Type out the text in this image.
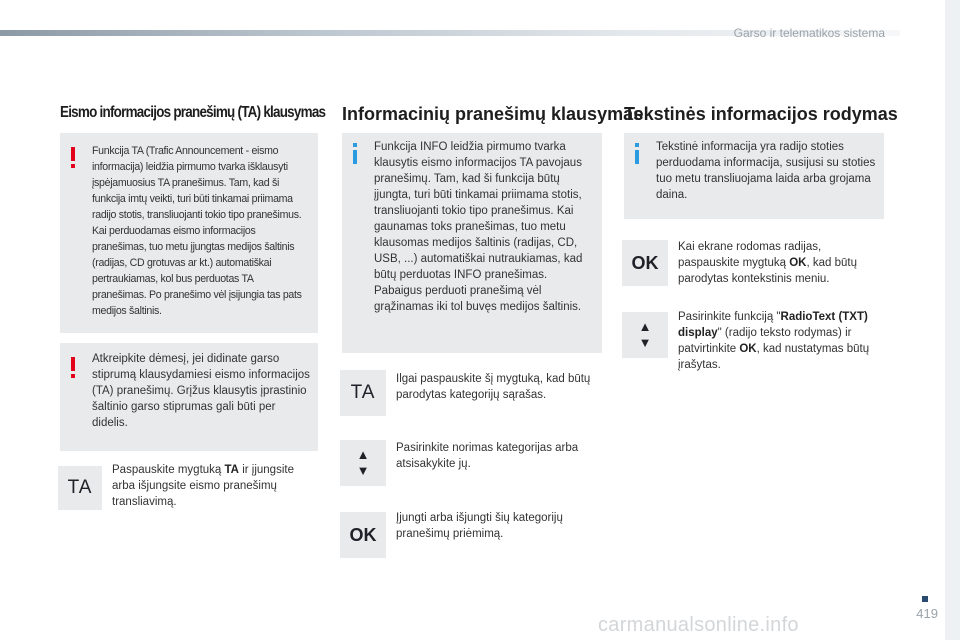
Garso ir telematikos sistema
Eismo informacijos pranešimų (TA) klausymas Informacinių pranešimų klausymas
Tekstinės informacijos rodymas
Funkcija TA (Trafic Announcement - eismo informacija) leidžia pirmumo tvarka išklausyti įspėjamuosius TA pranešimus. Tam, kad ši funkcija imtų veikti, turi būti tinkamai priimama radijo stotis, transliuojanti tokio tipo pranešimus. Kai perduodamas eismo informacijos pranešimas, tuo metu įjungtas medijos šaltinis (radijas, CD grotuvas ar kt.) automatiškai pertraukiamas, kol bus perduotas TA pranešimas. Po pranešimo vėl įsijungia tas pats medijos šaltinis.
Atkreipkite dėmesį, jei didinate garso stiprumą klausydamiesi eismo informacijos (TA) pranešimų. Grįžus klausytis įprastinio šaltinio garso stiprumas gali būti per didelis.
TA
Paspauskite mygtuką TA ir įjungsite arba išjungsite eismo pranešimų transliavimą.
Funkcija INFO leidžia pirmumo tvarka klausytis eismo informacijos TA pavojaus pranešimų. Tam, kad ši funkcija būtų įjungta, turi būti tinkamai priimama stotis, transliuojanti tokio tipo pranešimus. Kai gaunamas toks pranešimas, tuo metu klausomas medijos šaltinis (radijas, CD, USB, ...) automatiškai nutraukiamas, kad būtų perduotas INFO pranešimas. Pabaigus perduoti pranešimą vėl grąžinamas iki tol buvęs medijos šaltinis.
TA
Ilgai paspauskite šį mygtuką, kad būtų parodytas kategorijų sąrašas.
▲
▼
Pasirinkite norimas kategorijas arba atsisakykite jų.
OK
Įjungti arba išjungti šių kategorijų pranešimų priėmimą.
Tekstinė informacija yra radijo stoties perduodama informacija, susijusi su stoties tuo metu transliuojama laida arba grojama daina.
OK
Kai ekrane rodomas radijas, paspauskite mygtuką OK, kad būtų parodytas kontekstinis meniu.
▲
▼
Pasirinkite funkciją "RadioText (TXT) display" (radijo teksto rodymas) ir patvirtinkite OK, kad nustatymas būtų įrašytas.
419
carmanualsonline.info
